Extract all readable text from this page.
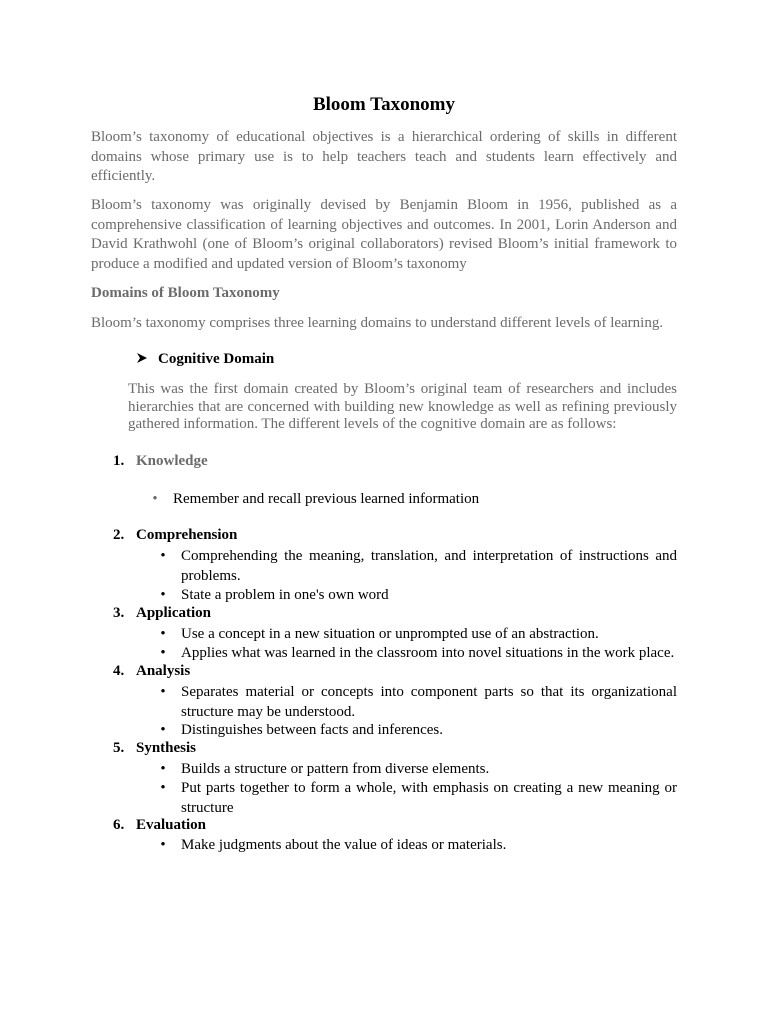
Bloom Taxonomy
Bloom’s taxonomy of educational objectives is a hierarchical ordering of skills in different domains whose primary use is to help teachers teach and students learn effectively and efficiently.
Bloom’s taxonomy was originally devised by Benjamin Bloom in 1956, published as a comprehensive classification of learning objectives and outcomes. In 2001, Lorin Anderson and David Krathwohl (one of Bloom’s original collaborators) revised Bloom’s initial framework to produce a modified and updated version of Bloom’s taxonomy
Domains of Bloom Taxonomy
Bloom’s taxonomy comprises three learning domains to understand different levels of learning.
Cognitive Domain
This was the first domain created by Bloom’s original team of researchers and includes hierarchies that are concerned with building new knowledge as well as refining previously gathered information. The different levels of the cognitive domain are as follows:
1. Knowledge
• Remember and recall previous learned information
2. Comprehension
• Comprehending the meaning, translation, and interpretation of instructions and problems.
• State a problem in one's own word
3. Application
• Use a concept in a new situation or unprompted use of an abstraction.
• Applies what was learned in the classroom into novel situations in the work place.
4. Analysis
• Separates material or concepts into component parts so that its organizational structure may be understood.
• Distinguishes between facts and inferences.
5. Synthesis
• Builds a structure or pattern from diverse elements.
• Put parts together to form a whole, with emphasis on creating a new meaning or structure
6. Evaluation
• Make judgments about the value of ideas or materials.
